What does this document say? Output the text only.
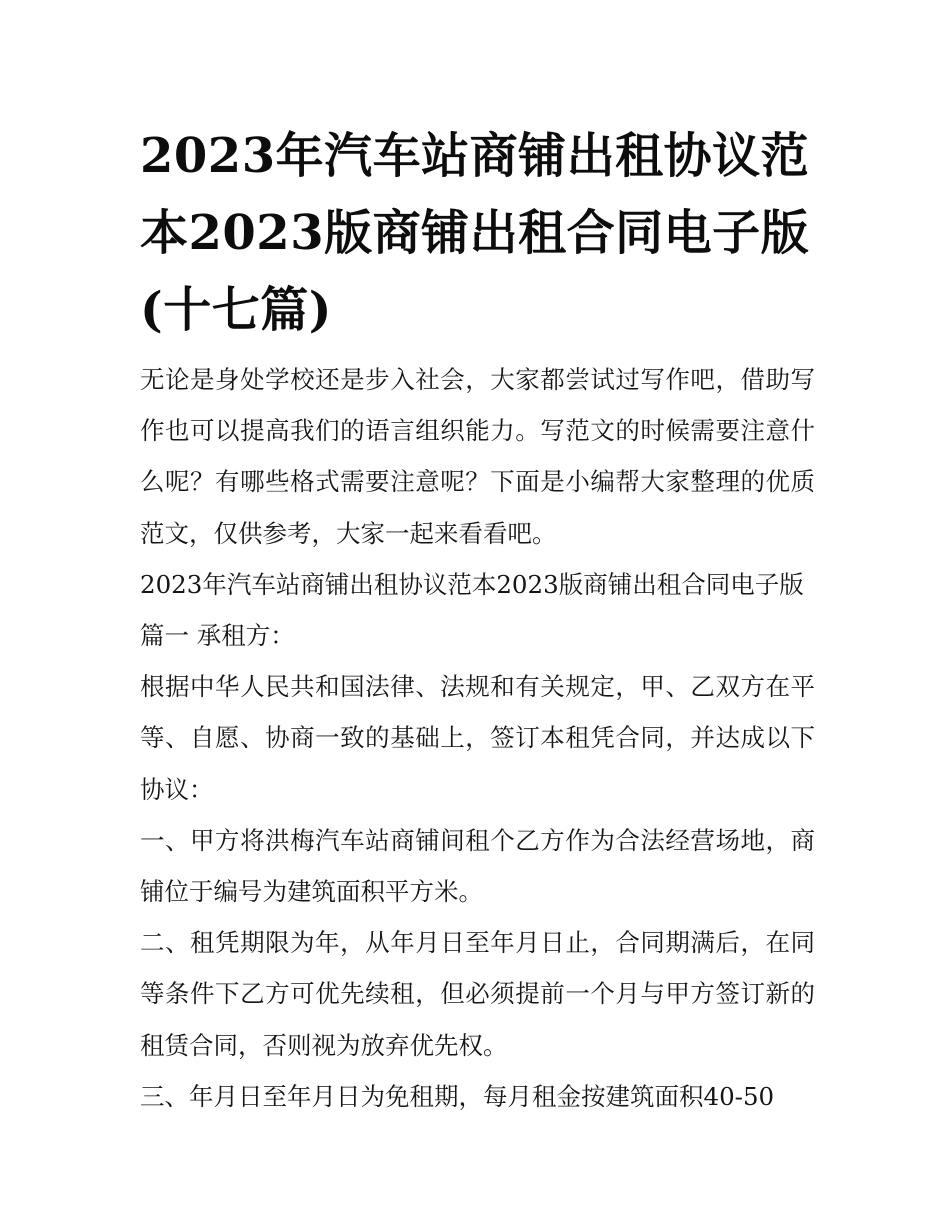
2023年汽车站商铺出租协议范本2023版商铺出租合同电子版(十七篇)

无论是身处学校还是步入社会，大家都尝试过写作吧，借助写作也可以提高我们的语言组织能力。写范文的时候需要注意什么呢？有哪些格式需要注意呢？下面是小编帮大家整理的优质范文，仅供参考，大家一起来看看吧。

2023年汽车站商铺出租协议范本2023版商铺出租合同电子版

篇一 承租方：

根据中华人民共和国法律、法规和有关规定，甲、乙双方在平等、自愿、协商一致的基础上，签订本租凭合同，并达成以下协议：

一、甲方将洪梅汽车站商铺间租个乙方作为合法经营场地，商铺位于编号为建筑面积平方米。

二、租凭期限为年，从年月日至年月日止，合同期满后，在同等条件下乙方可优先续租，但必须提前一个月与甲方签订新的租赁合同，否则视为放弃优先权。

三、年月日至年月日为免租期，每月租金按建筑面积40-50
